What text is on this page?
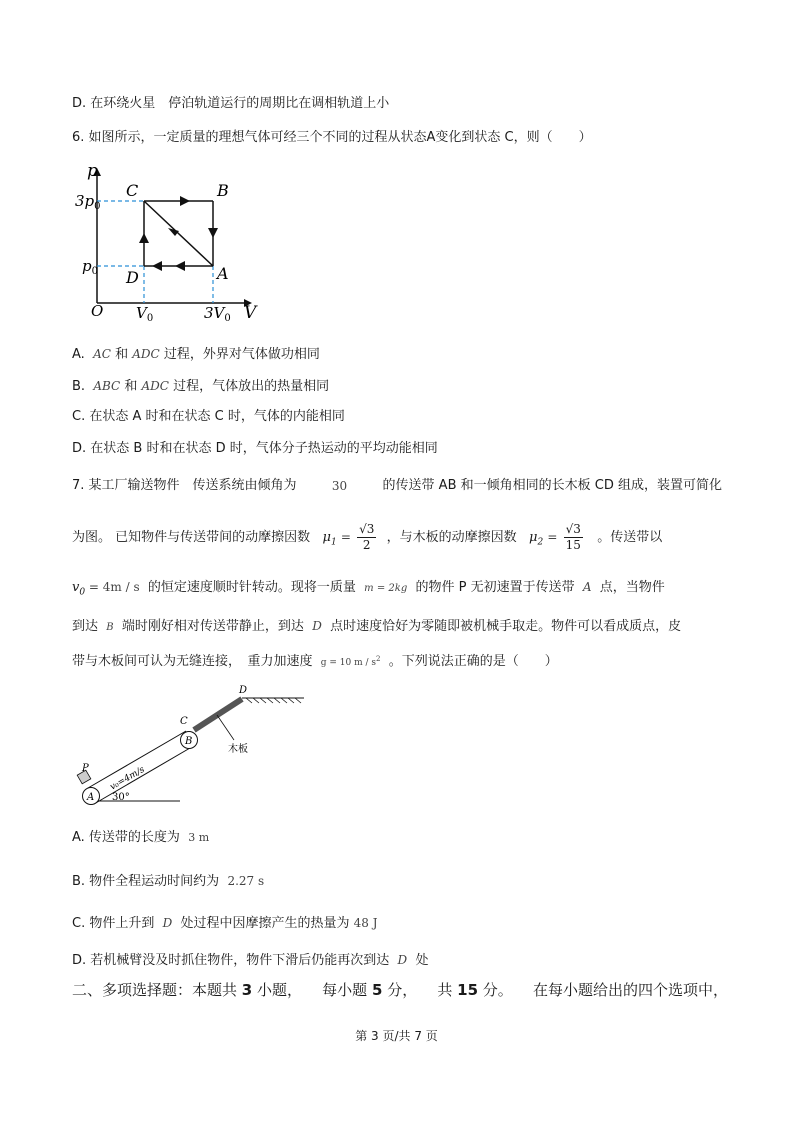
D. 在环绕火星　停泊轨道运行的周期比在调相轨道上小
6. 如图所示，一定质量的理想气体可经三个不同的过程从状态A变化到状态 C，则（　　）
p
V
O
$3p_0$
$p_0$
$V_0$	$3V_0$
C	B
A
D
A. AC 和 ADC 过程，外界对气体做功相同
B. ABC 和 ADC 过程，气体放出的热量相同
C. 在状态 A 时和在状态 C 时，气体的内能相同
D. 在状态 B 时和在状态 D 时，气体分子热运动的平均动能相同
7. 某工厂输送物件　传送系统由倾角为	30	的传送带 AB 和一倾角相同的长木板 CD 组成，装置可简化
为图。 已知物件与传送带间的动摩擦因数 $\mu_1 = \frac{√3}{2}$ ，与木板的动摩擦因数 $\mu_2 = \frac{√3}{15}$ 。传送带以
$v_0 = 4m / s$ 的恒定速度顺时针转动。现将一质量 m = 2kg 的物件 P 无初速置于传送带 A 点，当物件
到达 B 端时刚好相对传送带静止，到达 D 点时速度恰好为零随即被机械手取走。物件可以看成质点，皮
带与木板间可认为无缝连接，　重力加速度 g = 10 m / $s^2$ 。下列说法正确的是（　　）
P
A
B
C
D
木板
v₀=4m/s
30°
A. 传送带的长度为 3 m
B. 物件全程运动时间约为 2.27 s
C. 物件上升到 D 处过程中因摩擦产生的热量为 48 J
D. 若机械臂没及时抓住物件，物件下滑后仍能再次到达 D 处
二、多项选择题：本题共 3 小题， 每小题 5 分， 共 15 分。 在每小题给出的四个选项中，
第 3 页/共 7 页
